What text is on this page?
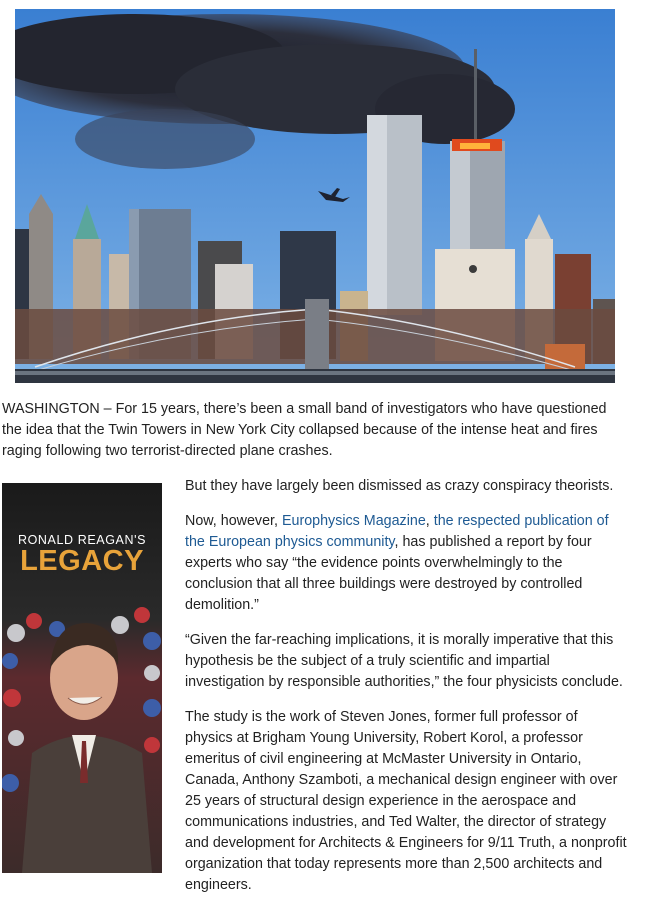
WASHINGTON – For 15 years, there’s been a small band of investigators who have questioned the idea that the Twin Towers in New York City collapsed because of the intense heat and fires raging following two terrorist-directed plane crashes.

RONALD REAGAN'S

LEGACY

But they have largely been dismissed as crazy conspiracy theorists.

Now, however, Europhysics Magazine, the respected publication of the European physics community, has published a report by four experts who say “the evidence points overwhelmingly to the conclusion that all three buildings were destroyed by controlled demolition.”

“Given the far-reaching implications, it is morally imperative that this hypothesis be the subject of a truly scientific and impartial investigation by responsible authorities,” the four physicists conclude.

The study is the work of Steven Jones, former full professor of physics at Brigham Young University, Robert Korol, a professor emeritus of civil engineering at McMaster University in Ontario, Canada, Anthony Szamboti, a mechanical design engineer with over 25 years of structural design experience in the aerospace and communications industries, and Ted Walter, the director of strategy and development for Architects & Engineers for 9/11 Truth, a nonprofit organization that today represents more than 2,500 architects and engineers.
